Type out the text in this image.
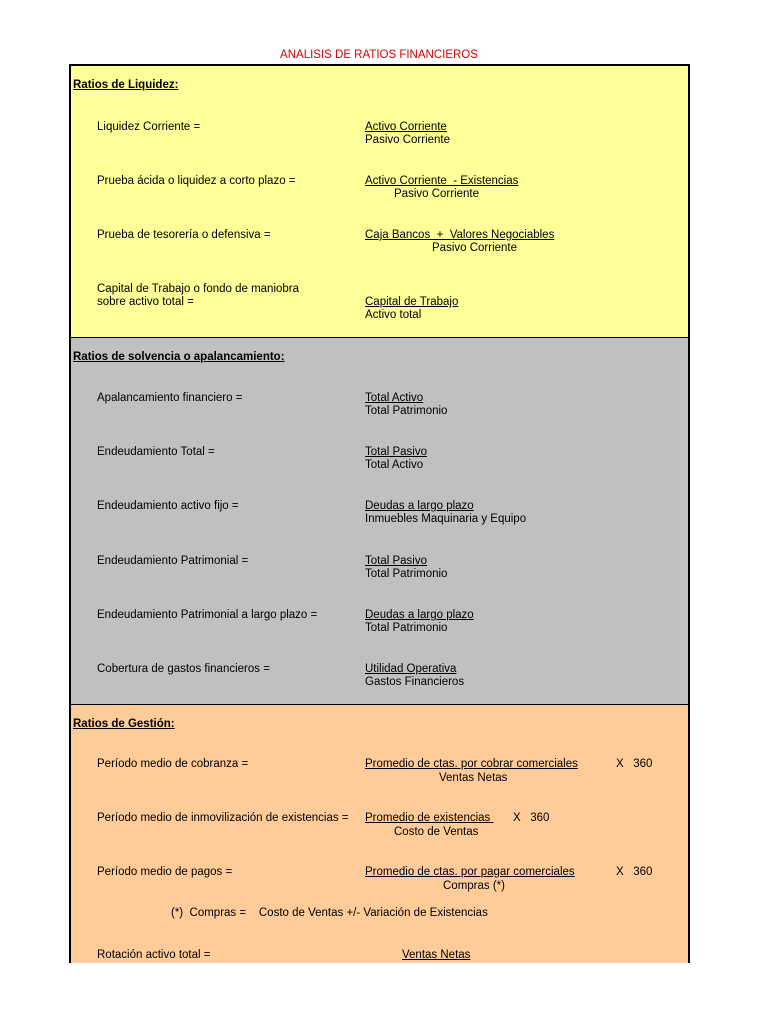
ANALISIS DE RATIOS FINANCIEROS
Ratios de Liquidez:
Liquidez Corriente =	Activo Corriente
Pasivo Corriente
Prueba ácida o liquidez a corto plazo =	Activo Corriente  - Existencias
Pasivo Corriente
Prueba de tesorería o defensiva =	Caja Bancos  +  Valores Negociables
Pasivo Corriente
Capital de Trabajo o fondo de maniobra
sobre activo total =	Capital de Trabajo
Activo total
Ratios de solvencia o apalancamiento:
Apalancamiento financiero =	Total Activo
Total Patrimonio
Endeudamiento Total =	Total Pasivo
Total Activo
Endeudamiento activo fijo =	Deudas a largo plazo
Inmuebles Maquinaria y Equipo
Endeudamiento Patrimonial =	Total Pasivo
Total Patrimonio
Endeudamiento Patrimonial a largo plazo =	Deudas a largo plazo
Total Patrimonio
Cobertura de gastos financieros =	Utilidad Operativa
Gastos Financieros
Ratios de Gestión:
Período medio de cobranza =	Promedio de ctas. por cobrar comerciales	X   360
Ventas Netas
Período medio de inmovilización de existencias = Promedio de existencias X   360
Costo de Ventas
Período medio de pagos =	Promedio de ctas. por pagar comerciales	X   360
Compras (*)
(*)  Compras =    Costo de Ventas +/- Variación de Existencias
Rotación activo total =	Ventas Netas
